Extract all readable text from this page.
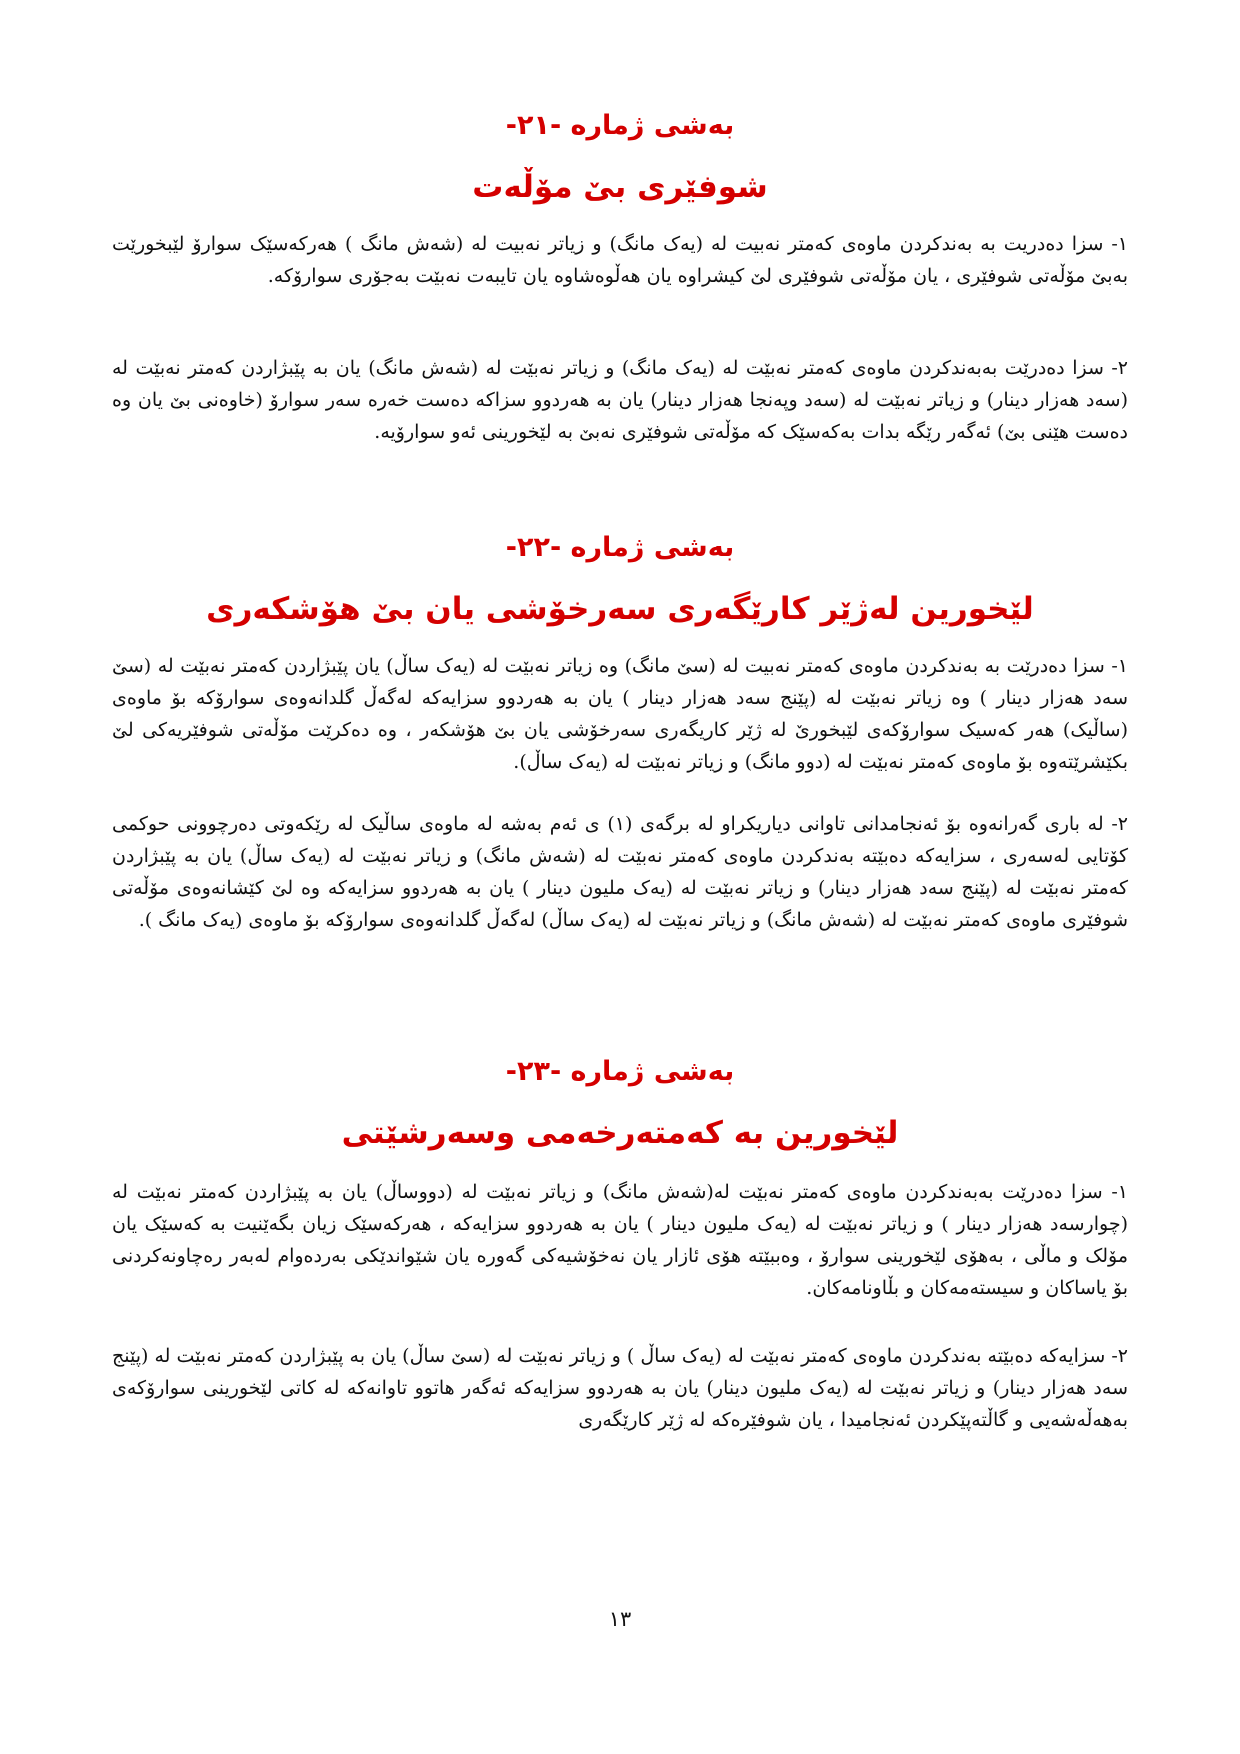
بەشی ژمارە -٢١-
شوفێری بێ مۆڵەت

١- سزا دەدریت بە بەندکردن ماوەی کەمتر نەبیت لە (یەک مانگ) و زیاتر نەبیت لە (شەش مانگ ) هەرکەسێک سوارۆ لێبخورێت بەبێ مۆڵەتی شوفێری ، یان مۆڵەتی شوفێری لێ کیشراوە یان هەڵوەشاوە یان تایبەت نەبێت بەجۆری سوارۆکە.

٢- سزا دەدرێت بەبەندکردن ماوەی کەمتر نەبێت لە (یەک مانگ) و زیاتر نەبێت لە (شەش مانگ) یان بە پێبژاردن کەمتر نەبێت لە (سەد هەزار دینار) و زیاتر نەبێت لە (سەد وپەنجا هەزار دینار) یان بە هەردوو سزاکە دەست خەرە سەر سوارۆ (خاوەنی بێ یان وە دەست هێنی بێ) ئەگەر رێگە بدات بەکەسێک کە مۆڵەتی شوفێری نەبێ بە لێخورینی ئەو سوارۆیە.

بەشی ژمارە -٢٢-
لێخورین لەژێر کارێگەری سەرخۆشی یان بێ هۆشکەری

١- سزا دەدرێت بە بەندکردن ماوەی کەمتر نەبیت لە (سێ مانگ) وە زیاتر نەبێت لە (یەک ساڵ) یان پێبژاردن کەمتر نەبێت لە (سێ سەد هەزار دینار ) وە زیاتر نەبێت لە (پێنج سەد هەزار دینار ) یان بە هەردوو سزایەکە لەگەڵ گلدانەوەی سوارۆکە بۆ ماوەی (ساڵیک) هەر کەسیک سوارۆکەی لێبخورێ لە ژێر کاریگەری سەرخۆشی یان بێ هۆشکەر ، وە دەکرێت مۆڵەتی شوفێریەکی لێ بکێشرێتەوە بۆ ماوەی کەمتر نەبێت لە (دوو مانگ) و زیاتر نەبێت لە (یەک ساڵ).

٢- لە باری گەرانەوە بۆ ئەنجامدانی تاوانی دیاریکراو لە برگەی (١) ی ئەم بەشە لە ماوەی ساڵیک لە رێکەوتی دەرچوونی حوکمی کۆتایی لەسەری ، سزایەکە دەبێتە بەندکردن ماوەی کەمتر نەبێت لە (شەش مانگ) و زیاتر نەبێت لە (یەک ساڵ) یان بە پێبژاردن کەمتر نەبێت لە (پێنج سەد هەزار دینار) و زیاتر نەبێت لە (یەک ملیون دینار ) یان بە هەردوو سزایەکە وە لێ کێشانەوەی مۆڵەتی شوفێری ماوەی کەمتر نەبێت لە (شەش مانگ) و زیاتر نەبێت لە (یەک ساڵ) لەگەڵ گلدانەوەی سوارۆکە بۆ ماوەی (یەک مانگ ).

بەشی ژمارە -٢٣-
لێخورین بە کەمتەرخەمی وسەرشێتی

١- سزا دەدرێت بەبەندکردن ماوەی کەمتر نەبێت لە(شەش مانگ) و زیاتر نەبێت لە (دووساڵ) یان بە پێبژاردن کەمتر نەبێت لە (چوارسەد هەزار دینار ) و زیاتر نەبێت لە (یەک ملیون دینار ) یان بە هەردوو سزایەکە ، هەرکەسێک زیان بگەێنیت بە کەسێک یان مۆلک و ماڵی ، بەهۆی لێخورینی سوارۆ ، وەببێتە هۆی ئازار یان نەخۆشیەکی گەورە یان شێواندێکی بەردەوام لەبەر رەچاونەکردنی بۆ یاساکان و سیستەمەکان و بڵاونامەکان.

٢- سزایەکە دەبێتە بەندکردن ماوەی کەمتر نەبێت لە (یەک ساڵ ) و زیاتر نەبێت لە (سێ ساڵ) یان بە پێبژاردن کەمتر نەبێت لە (پێنج سەد هەزار دینار) و زیاتر نەبێت لە (یەک ملیون دینار) یان بە هەردوو سزایەکە ئەگەر هاتوو تاوانەکە لە کاتی لێخورینی سوارۆکەی بەهەڵەشەیی و گاڵتەپێکردن ئەنجامیدا ، یان شوفێرەکە لە ژێر کارێگەری

١٣
